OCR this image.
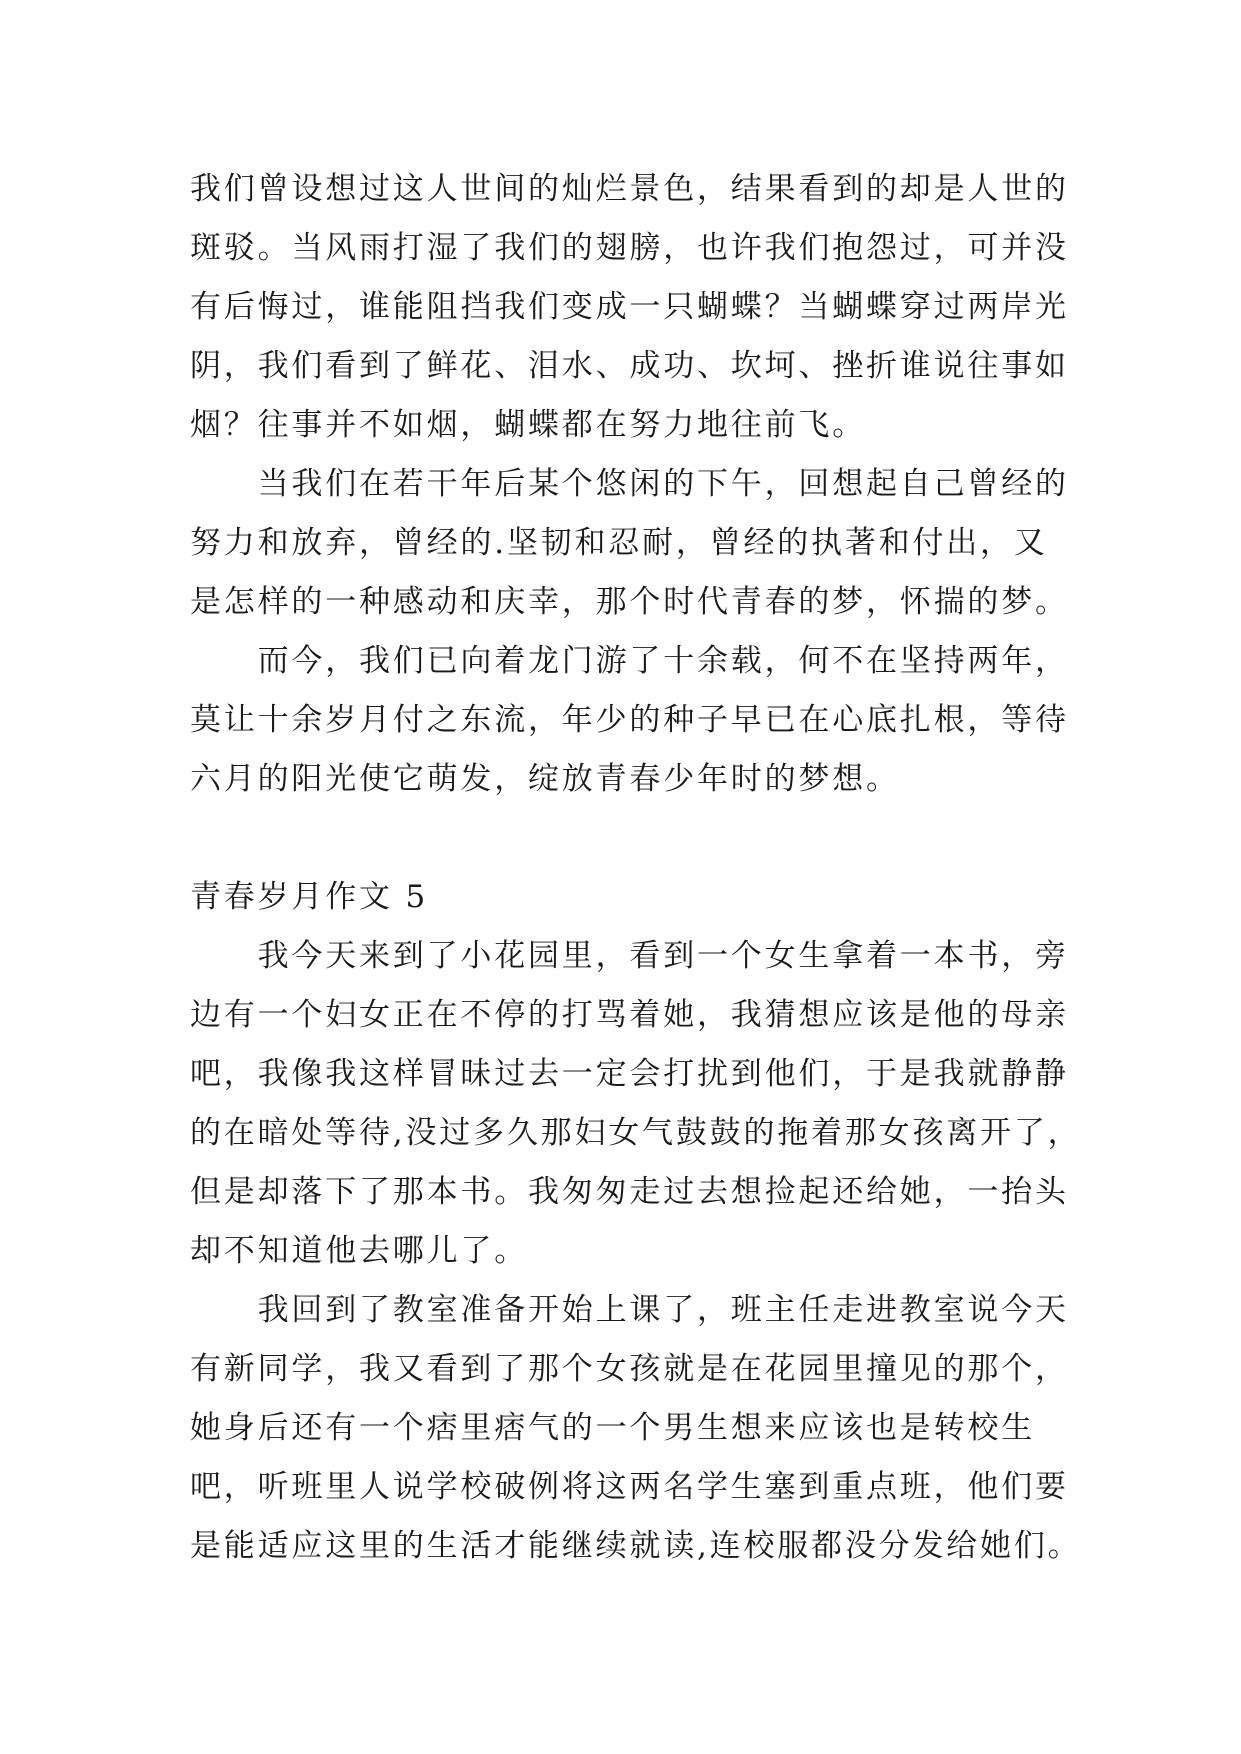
我们曾设想过这人世间的灿烂景色，结果看到的却是人世的
斑驳。当风雨打湿了我们的翅膀，也许我们抱怨过，可并没
有后悔过，谁能阻挡我们变成一只蝴蝶？当蝴蝶穿过两岸光
阴，我们看到了鲜花、泪水、成功、坎坷、挫折谁说往事如
烟？往事并不如烟，蝴蝶都在努力地往前飞。
　　当我们在若干年后某个悠闲的下午，回想起自己曾经的
努力和放弃，曾经的.坚韧和忍耐，曾经的执著和付出，又
是怎样的一种感动和庆幸，那个时代青春的梦，怀揣的梦。
　　而今，我们已向着龙门游了十余载，何不在坚持两年，
莫让十余岁月付之东流，年少的种子早已在心底扎根，等待
六月的阳光使它萌发，绽放青春少年时的梦想。
青春岁月作文 5
　　我今天来到了小花园里，看到一个女生拿着一本书，旁
边有一个妇女正在不停的打骂着她，我猜想应该是他的母亲
吧，我像我这样冒昧过去一定会打扰到他们，于是我就静静
的在暗处等待,没过多久那妇女气鼓鼓的拖着那女孩离开了，
但是却落下了那本书。我匆匆走过去想捡起还给她，一抬头
却不知道他去哪儿了。
　　我回到了教室准备开始上课了，班主任走进教室说今天
有新同学，我又看到了那个女孩就是在花园里撞见的那个，
她身后还有一个痞里痞气的一个男生想来应该也是转校生
吧，听班里人说学校破例将这两名学生塞到重点班，他们要
是能适应这里的生活才能继续就读,连校服都没分发给她们。
